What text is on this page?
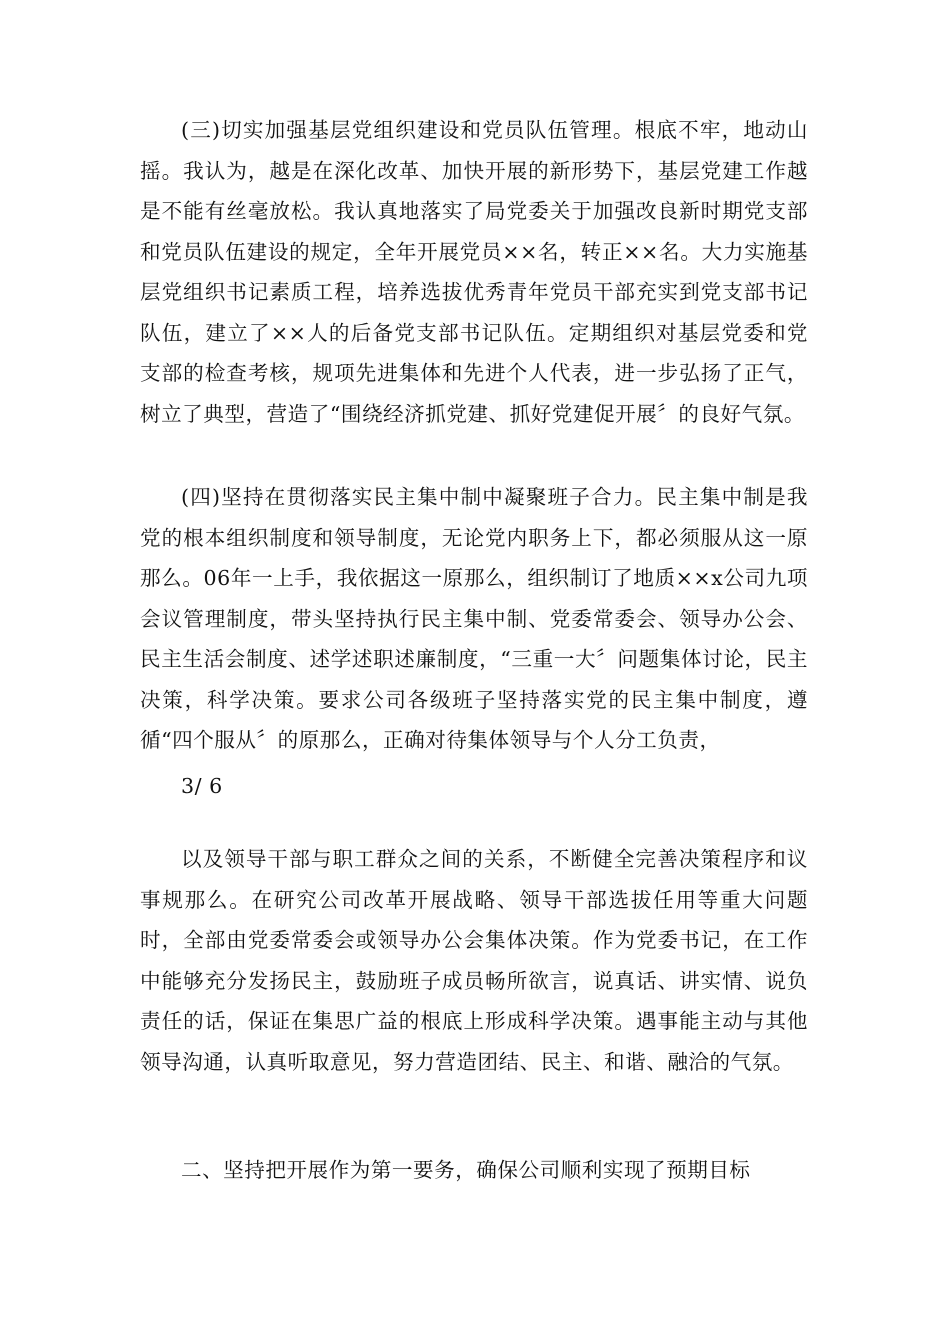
(三)切实加强基层党组织建设和党员队伍管理。根底不牢，地动山摇。我认为，越是在深化改革、加快开展的新形势下，基层党建工作越是不能有丝毫放松。我认真地落实了局党委关于加强改良新时期党支部和党员队伍建设的规定，全年开展党员××名，转正××名。大力实施基层党组织书记素质工程，培养选拔优秀青年党员干部充实到党支部书记队伍，建立了××人的后备党支部书记队伍。定期组织对基层党委和党支部的检查考核，规项先进集体和先进个人代表，进一步弘扬了正气，树立了典型，营造了“围绕经济抓党建、抓好党建促开展〞的良好气氛。

(四)坚持在贯彻落实民主集中制中凝聚班子合力。民主集中制是我党的根本组织制度和领导制度，无论党内职务上下，都必须服从这一原那么。06年一上手，我依据这一原那么，组织制订了地质××x公司九项会议管理制度，带头坚持执行民主集中制、党委常委会、领导办公会、民主生活会制度、述学述职述廉制度，“三重一大〞问题集体讨论，民主决策，科学决策。要求公司各级班子坚持落实党的民主集中制度，遵循“四个服从〞的原那么，正确对待集体领导与个人分工负责，

3/ 6

以及领导干部与职工群众之间的关系，不断健全完善决策程序和议事规那么。在研究公司改革开展战略、领导干部选拔任用等重大问题时，全部由党委常委会或领导办公会集体决策。作为党委书记，在工作中能够充分发扬民主，鼓励班子成员畅所欲言，说真话、讲实情、说负责任的话，保证在集思广益的根底上形成科学决策。遇事能主动与其他领导沟通，认真听取意见，努力营造团结、民主、和谐、融洽的气氛。

二、坚持把开展作为第一要务，确保公司顺利实现了预期目标
